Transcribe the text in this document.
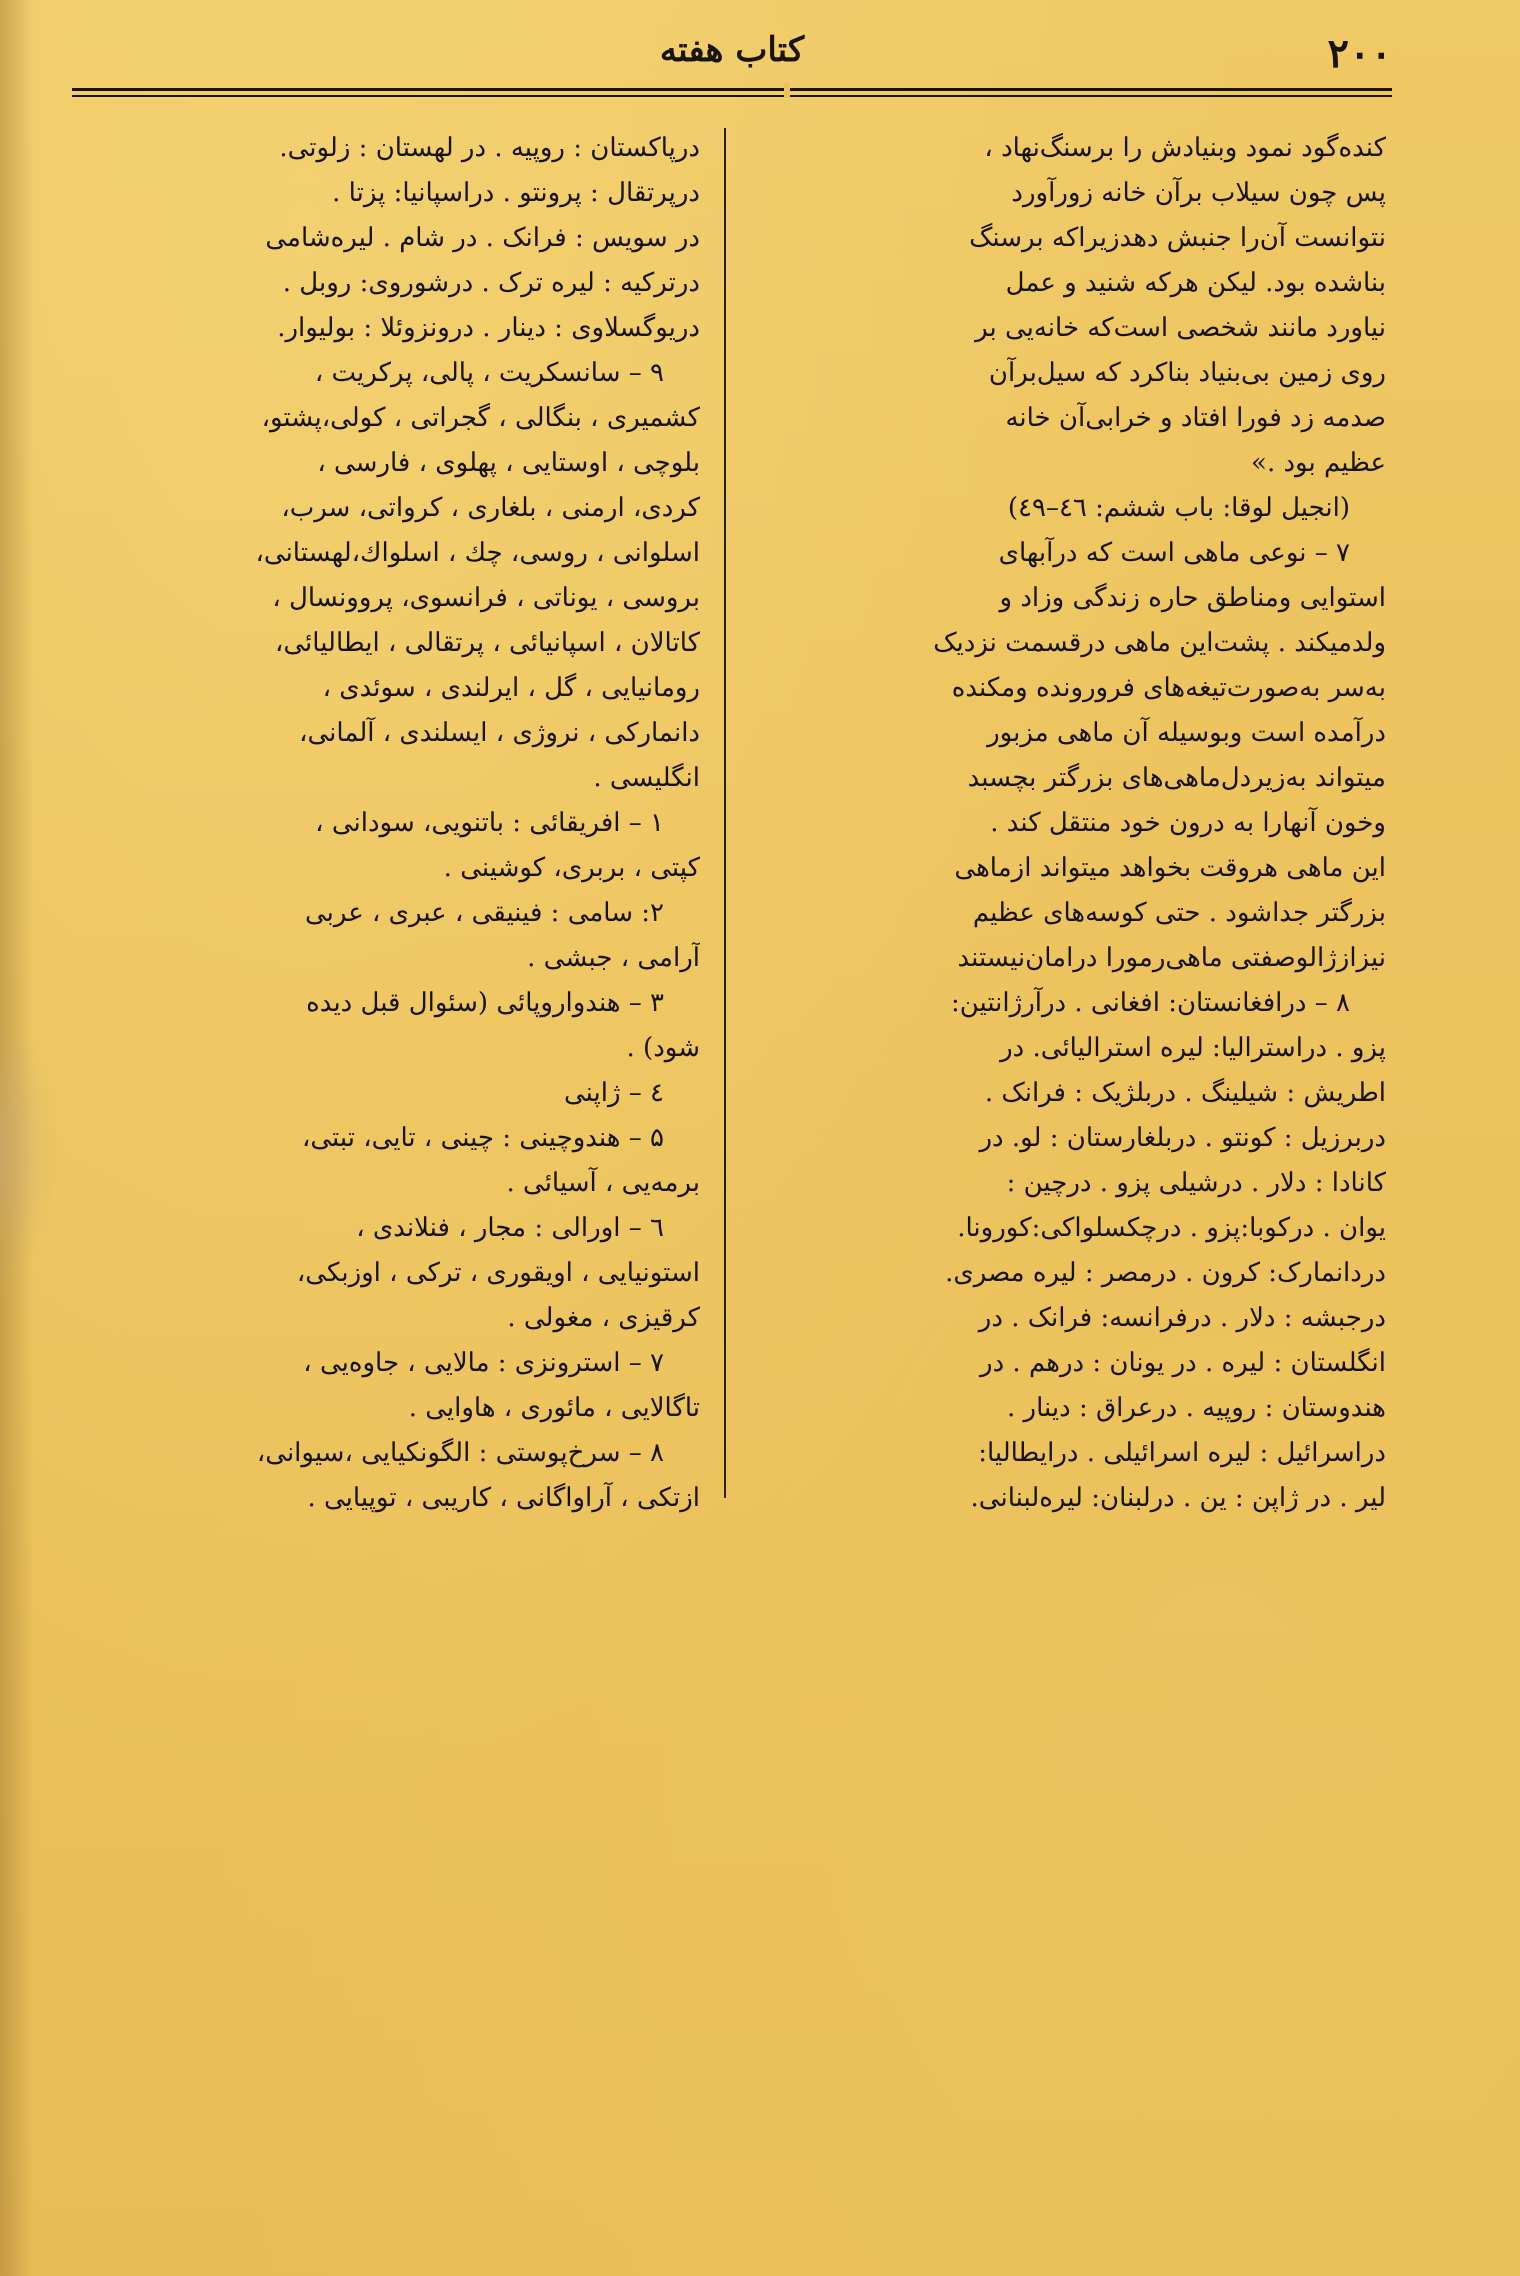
۲۰۰
کتاب هفته

کنده‌گود نمود وبنیادش را برسنگ‌نهاد ،

پس چون سیلاب برآن خانه زورآورد

نتوانست آن‌را جنبش دهدزیراکه برسنگ

بناشده بود. لیکن هرکه شنید و عمل

نیاورد مانند شخصی است‌که خانه‌یی بر

روی زمین بی‌بنیاد بناکرد که سیل‌برآن

صدمه زد فورا افتاد و خرابی‌آن خانه

عظیم بود .»

(انجیل لوقا: باب ششم: ٤٦–٤٩)

۷ – نوعی ماهی است که درآبهای

استوایی ومناطق حاره زندگی وزاد و

ولدمیکند . پشت‌این ماهی درقسمت نزدیک

به‌سر به‌صورت‌تیغه‌های فرورونده ومکنده

درآمده است وبوسیله آن ماهی مزبور

میتواند به‌زیردل‌ماهی‌های بزرگتر بچسبد

وخون آنهارا به درون خود منتقل کند .

این ماهی هروقت بخواهد میتواند ازماهی

بزرگتر جداشود . حتی کوسه‌های عظیم

نیزازژالوصفتی ماهی‌رمورا درامان‌نیستند

۸ – درافغانستان: افغانی . درآرژانتین:

پزو . دراسترالیا: لیره استرالیائی. در

اطریش : شیلینگ . دربلژیک : فرانک .

دربرزیل : کونتو . دربلغارستان : لو. در

کانادا : دلار . درشیلی پزو . درچین :

یوان . درکوبا:پزو . درچکسلواکی:کورونا.

دردانمارک: کرون . درمصر : لیره مصری.

درجبشه : دلار . درفرانسه: فرانک . در

انگلستان : لیره . در یونان : درهم . در

هندوستان : روپیه . درعراق : دینار .

دراسرائیل : لیره اسرائیلی . درایطالیا:

لیر . در ژاپن : ین . درلبنان: لیره‌لبنانی.

درپاکستان : روپیه . در لهستان : زلوتی.

درپرتقال : پرونتو . دراسپانیا: پزتا .

در سویس : فرانک . در شام . لیره‌شامی

درترکیه : لیره ترک . درشوروی: روبل .

دریوگسلاوی : دینار . درونزوئلا : بولیوار.

۹ – سانسکریت ، پالی، پرکریت ،

کشمیری ، بنگالی ، گجراتی ، کولی،پشتو،

بلوچی ، اوستایی ، پهلوی ، فارسی ،

کردی، ارمنی ، بلغاری ، کرواتی، سرب،

اسلوانی ، روسی، چك ، اسلواك،لهستانی،

بروسی ، یوناتی ، فرانسوی، پروونسال ،

کاتالان ، اسپانیائی ، پرتقالی ، ایطالیائی،

رومانیایی ، گل ، ایرلندی ، سوئدی ،

دانمارکی ، نروژی ، ایسلندی ، آلمانی،

انگلیسی .

۱ – افریقائی : باتنویی، سودانی ،

کپتی ، بربری، کوشینی .

۲: سامی : فینیقی ، عبری ، عربی

آرامی ، جبشی .

۳ – هندواروپائی (سئوال قبل دیده

شود) .

٤ – ژاپنی

۵ – هندوچینی : چینی ، تایی، تبتی،

برمه‌یی ، آسیائی .

٦ – اورالی : مجار ، فنلاندی ،

استونیایی ، اویقوری ، ترکی ، اوزبکی،

کرقیزی ، مغولی .

۷ – استرونزی : مالایی ، جاوه‌یی ،

تاگالایی ، مائوری ، هاوایی .

۸ – سرخ‌پوستی : الگونکیایی ،سیوانی،

ازتکی ، آراواگانی ، کاریبی ، توپیایی .
